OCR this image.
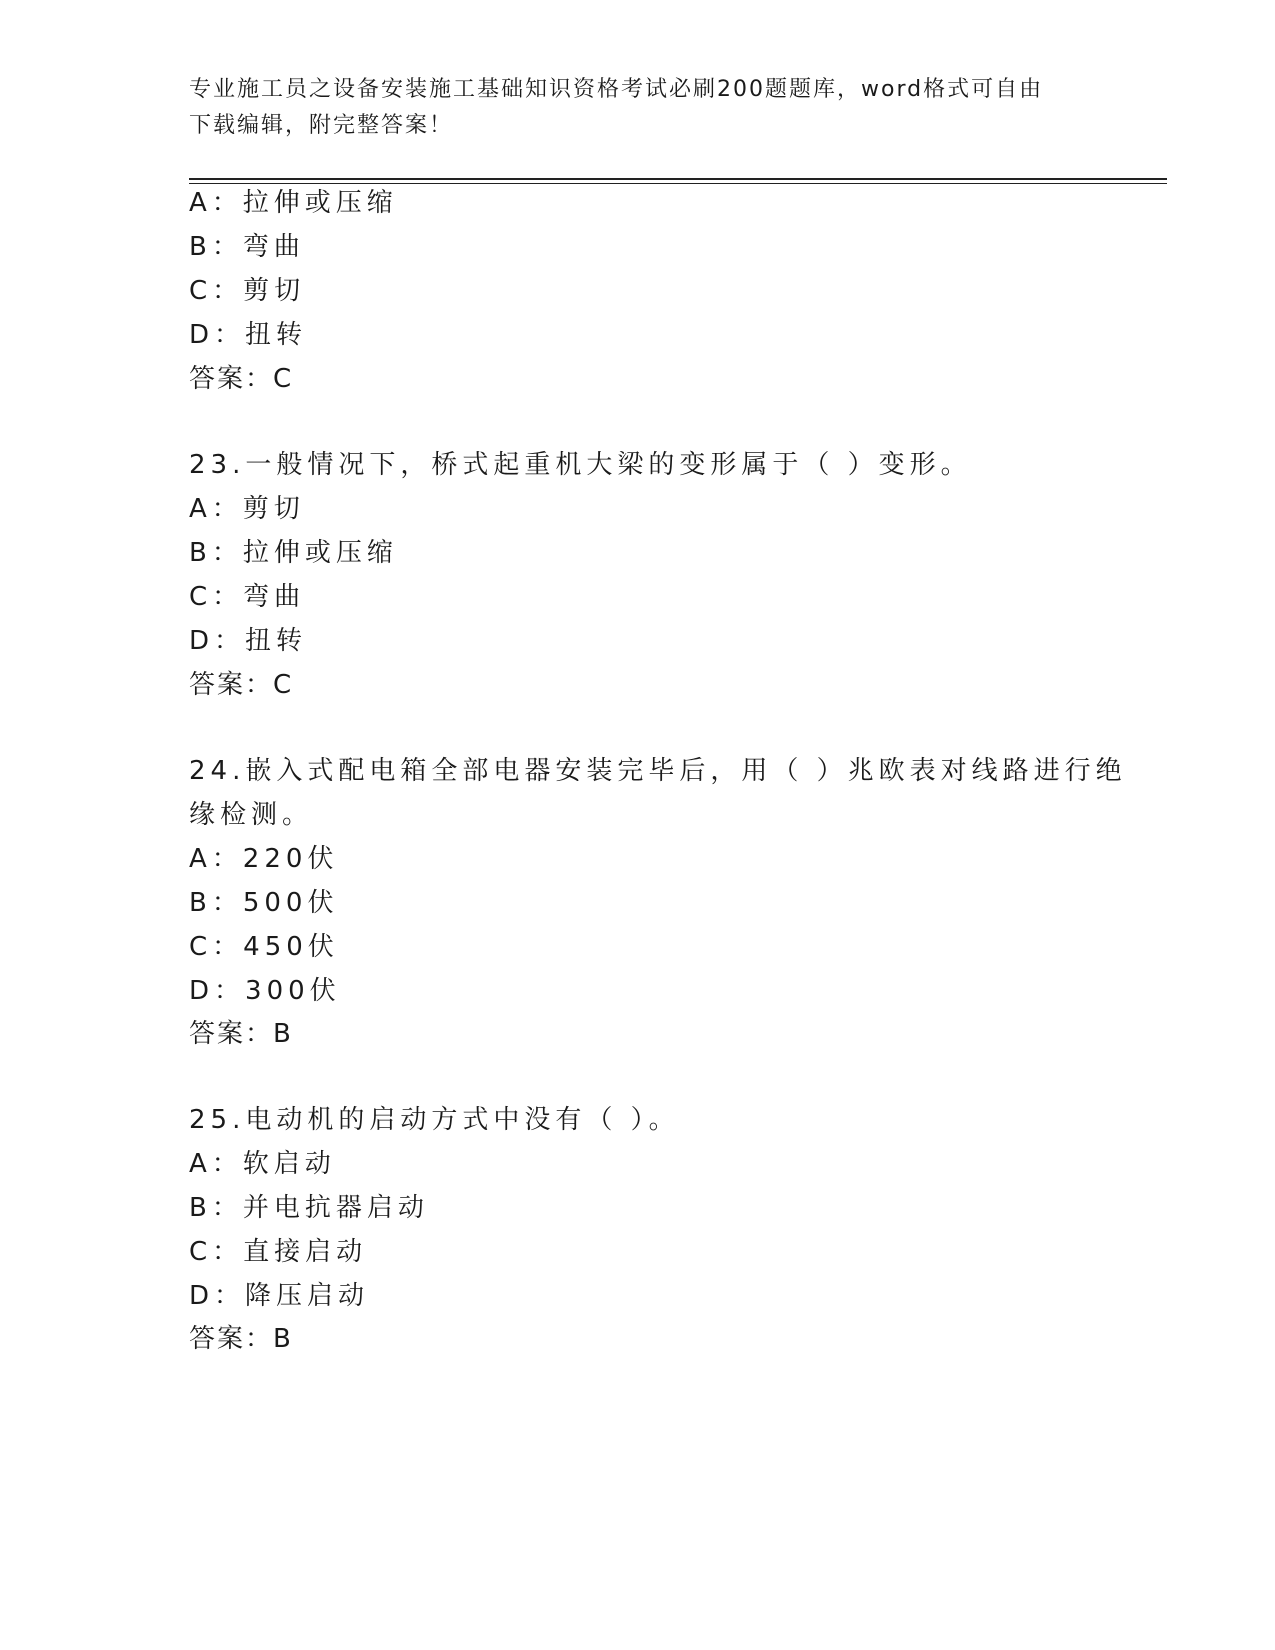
专业施工员之设备安装施工基础知识资格考试必刷200题题库，word格式可自由
下载编辑，附完整答案！
A：拉伸或压缩
B：弯曲
C：剪切
D：扭转
答案：C
23.一般情况下，桥式起重机大梁的变形属于（ ）变形。
A：剪切
B：拉伸或压缩
C：弯曲
D：扭转
答案：C
24.嵌入式配电箱全部电器安装完毕后，用（ ）兆欧表对线路进行绝
缘检测。
A：220伏
B：500伏
C：450伏
D：300伏
答案：B
25.电动机的启动方式中没有（ ）。
A：软启动
B：并电抗器启动
C：直接启动
D：降压启动
答案：B
